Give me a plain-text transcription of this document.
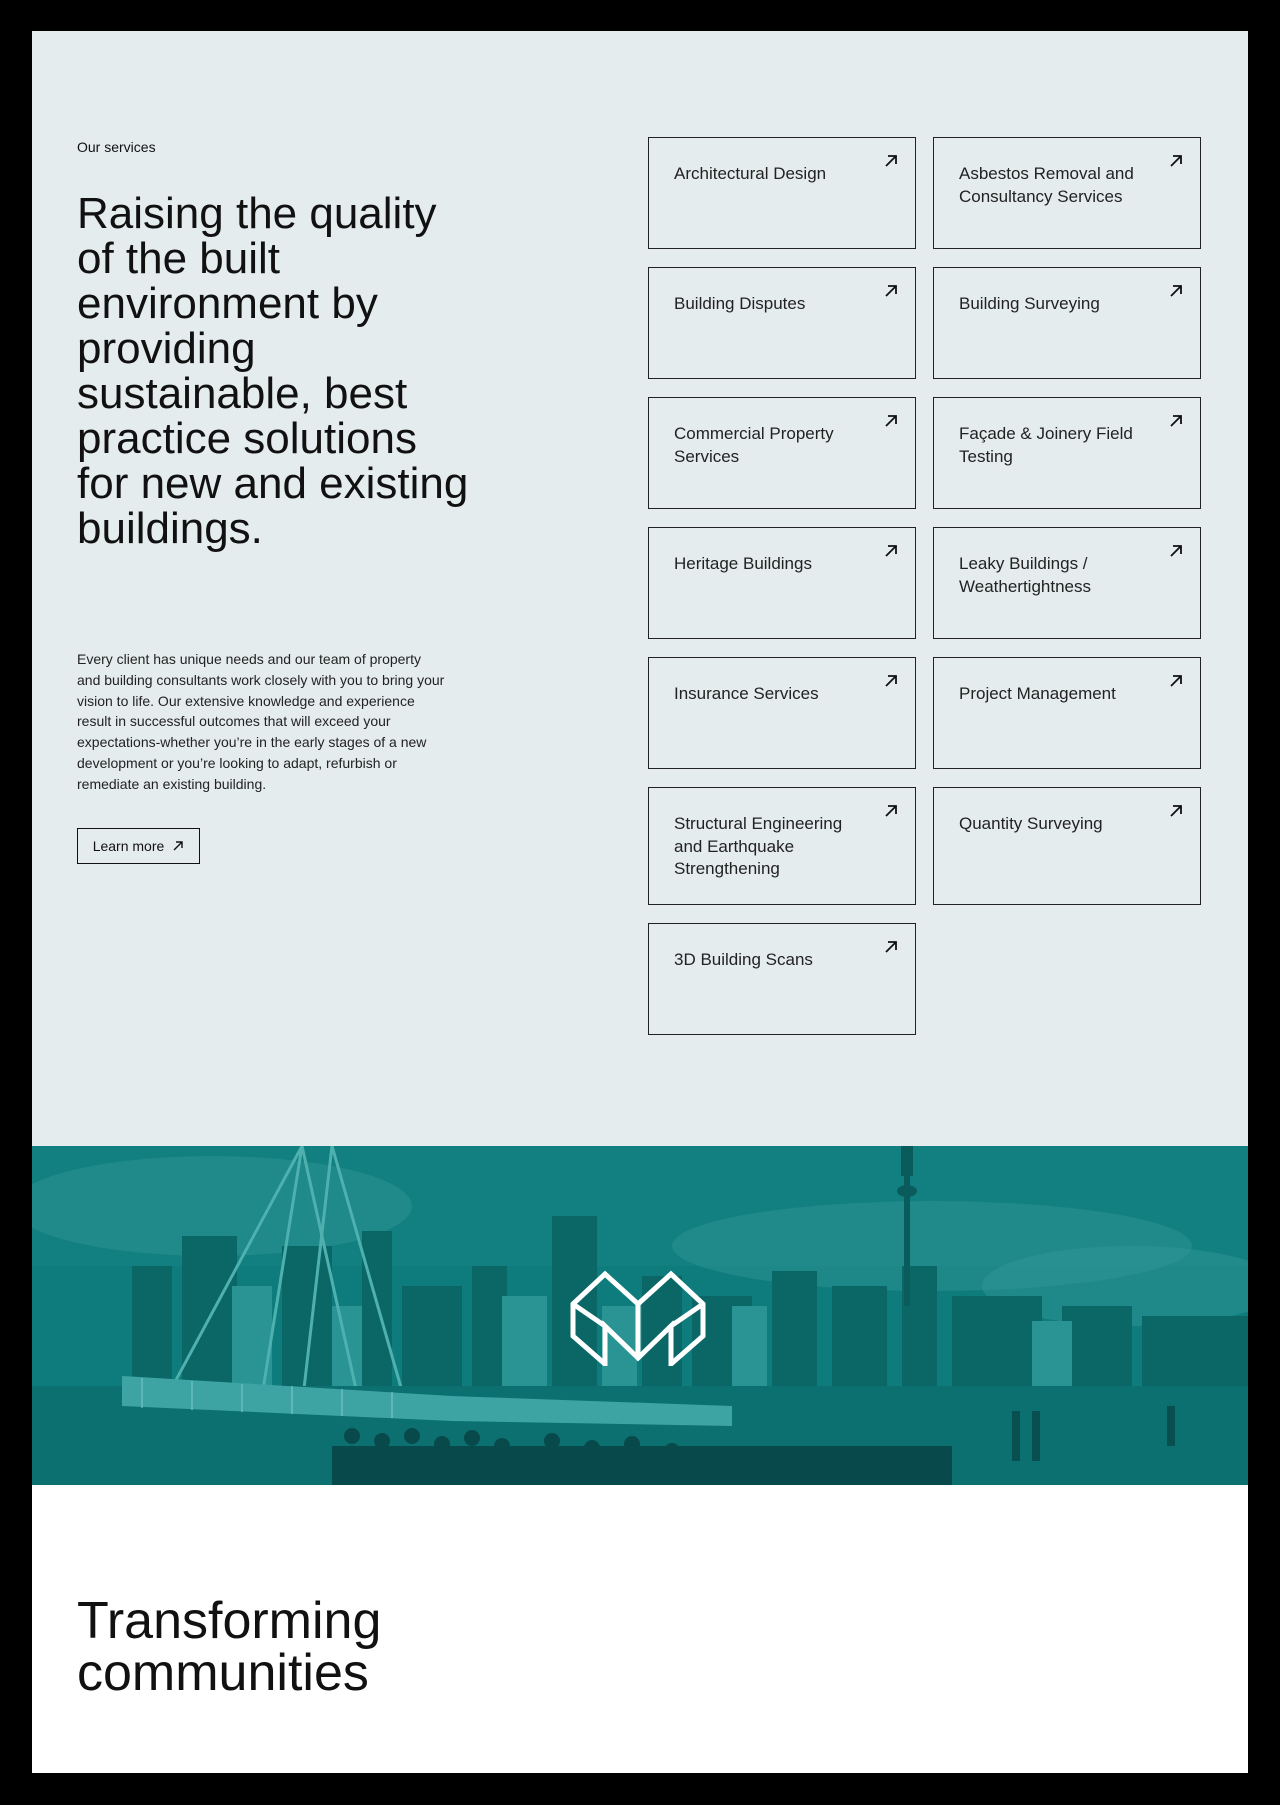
Our services
Raising the quality of the built environment by providing sustainable, best practice solutions for new and existing buildings.

Every client has unique needs and our team of property and building consultants work closely with you to bring your vision to life. Our extensive knowledge and experience result in successful outcomes that will exceed your expectations-whether you’re in the early stages of a new development or you’re looking to adapt, refurbish or remediate an existing building.

Learn more
Architectural Design	Asbestos Removal and Consultancy Services
Building Disputes	Building Surveying
Commercial Property Services
Façade & Joinery Field Testing
Heritage Buildings	Leaky Buildings / Weathertightness
Insurance Services	Project Management
Structural Engineering and Earthquake Strengthening
Quantity Surveying
3D Building Scans
Transforming communities
